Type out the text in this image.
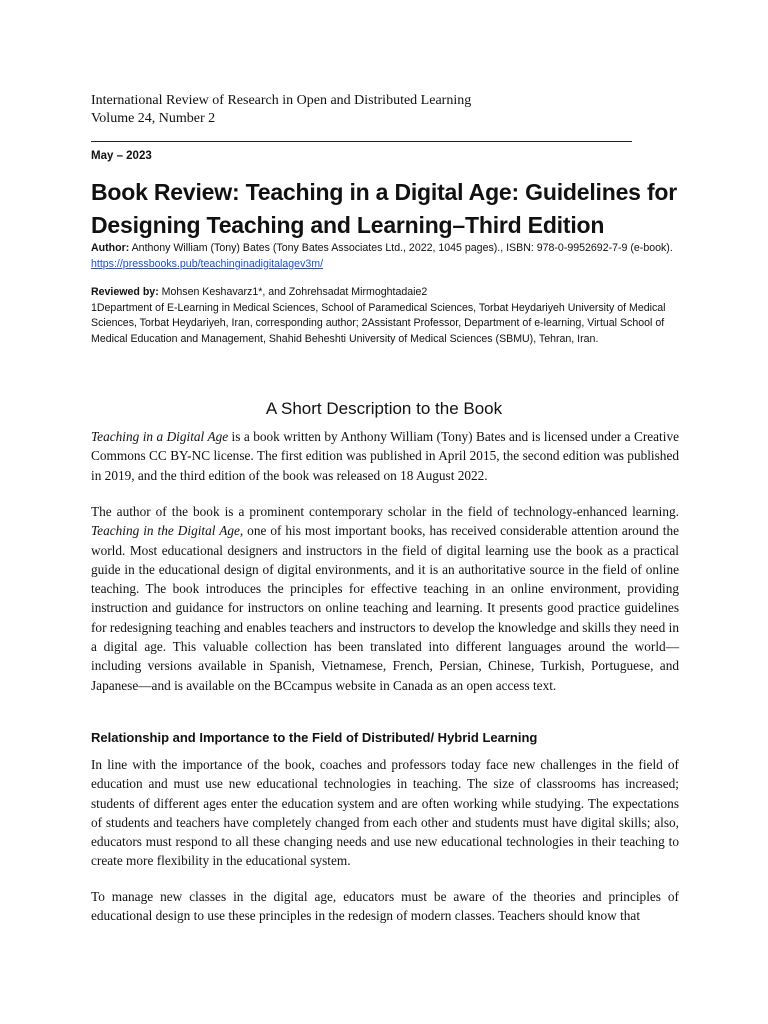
International Review of Research in Open and Distributed Learning
Volume 24, Number 2
May – 2023
Book Review: Teaching in a Digital Age: Guidelines for Designing Teaching and Learning–Third Edition
Author: Anthony William (Tony) Bates (Tony Bates Associates Ltd., 2022, 1045 pages)., ISBN: 978-0-9952692-7-9 (e-book).
https://pressbooks.pub/teachinginadigitalagev3m/
Reviewed by: Mohsen Keshavarz1*, and Zohrehsadat Mirmoghtadaie2
1Department of E-Learning in Medical Sciences, School of Paramedical Sciences, Torbat Heydariyeh University of Medical Sciences, Torbat Heydariyeh, Iran, corresponding author; 2Assistant Professor, Department of e-learning, Virtual School of Medical Education and Management, Shahid Beheshti University of Medical Sciences (SBMU), Tehran, Iran.
A Short Description to the Book

Teaching in a Digital Age is a book written by Anthony William (Tony) Bates and is licensed under a Creative Commons CC BY-NC license. The first edition was published in April 2015, the second edition was published in 2019, and the third edition of the book was released on 18 August 2022.

The author of the book is a prominent contemporary scholar in the field of technology-enhanced learning. Teaching in the Digital Age, one of his most important books, has received considerable attention around the world. Most educational designers and instructors in the field of digital learning use the book as a practical guide in the educational design of digital environments, and it is an authoritative source in the field of online teaching. The book introduces the principles for effective teaching in an online environment, providing instruction and guidance for instructors on online teaching and learning. It presents good practice guidelines for redesigning teaching and enables teachers and instructors to develop the knowledge and skills they need in a digital age. This valuable collection has been translated into different languages around the world—including versions available in Spanish, Vietnamese, French, Persian, Chinese, Turkish, Portuguese, and Japanese—and is available on the BCcampus website in Canada as an open access text.

Relationship and Importance to the Field of Distributed/ Hybrid Learning

In line with the importance of the book, coaches and professors today face new challenges in the field of education and must use new educational technologies in teaching. The size of classrooms has increased; students of different ages enter the education system and are often working while studying. The expectations of students and teachers have completely changed from each other and students must have digital skills; also, educators must respond to all these changing needs and use new educational technologies in their teaching to create more flexibility in the educational system.

To manage new classes in the digital age, educators must be aware of the theories and principles of educational design to use these principles in the redesign of modern classes. Teachers should know that
